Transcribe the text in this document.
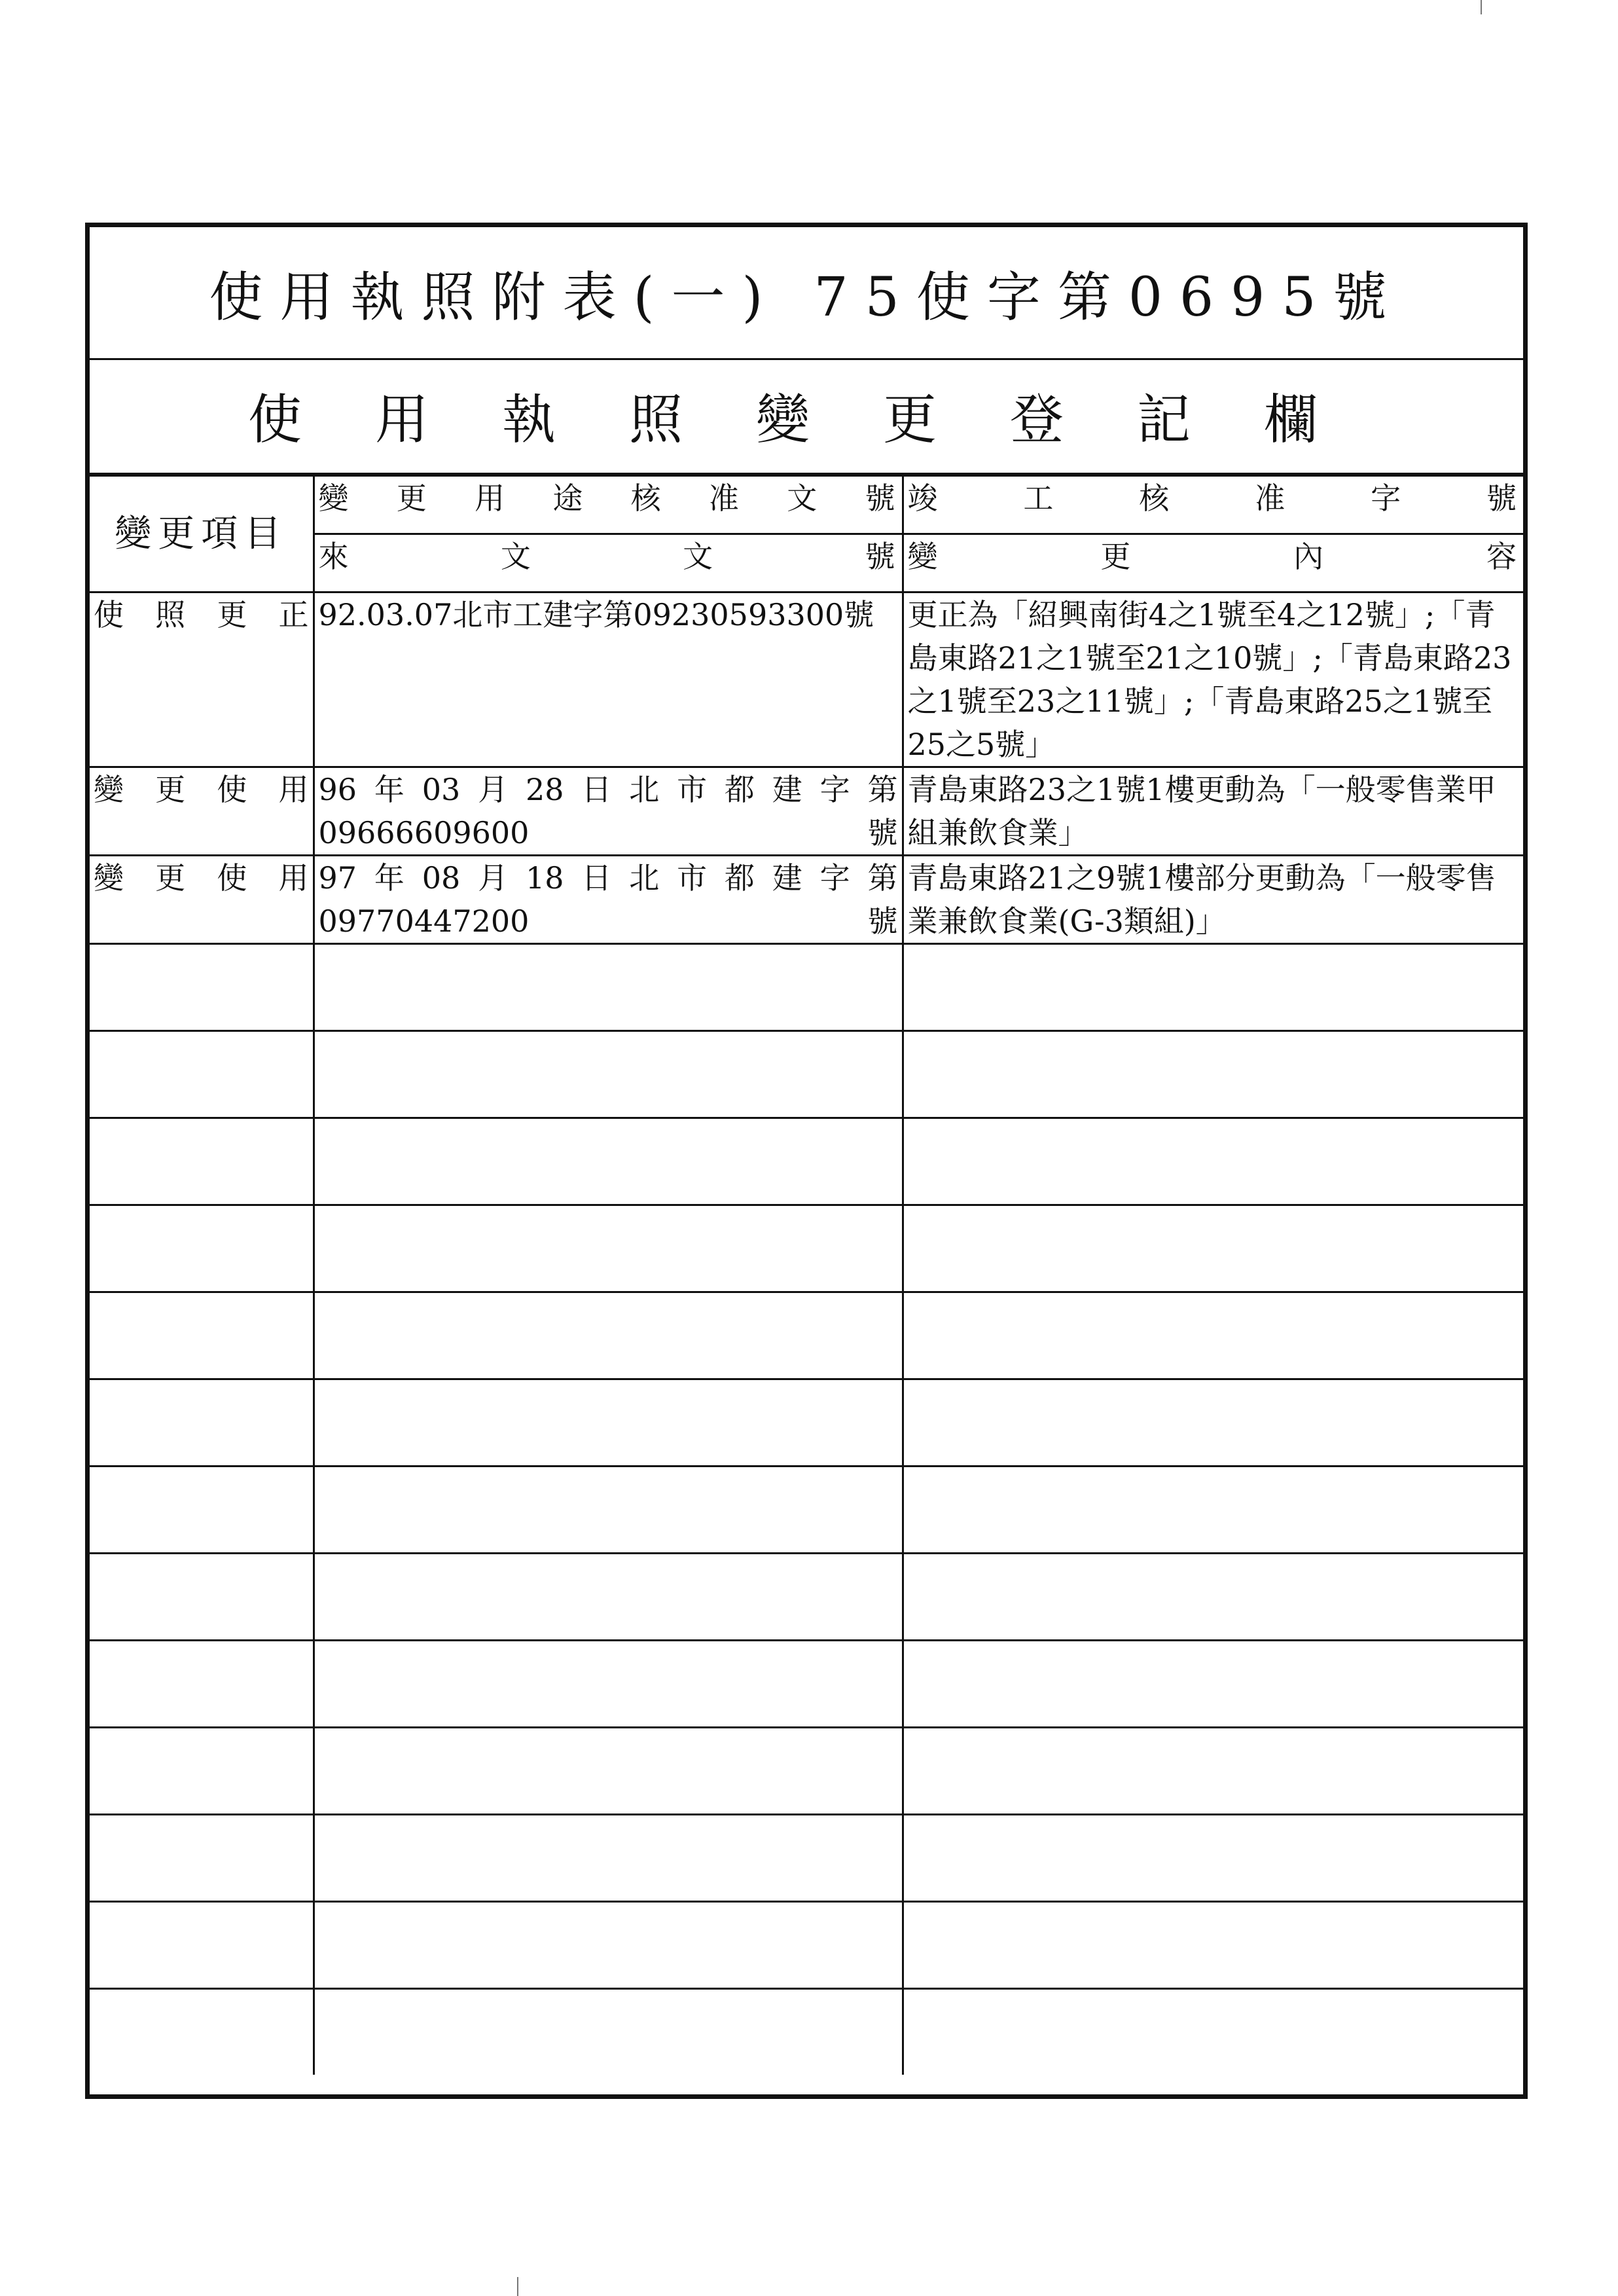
使用執照附表(一) 75使字第0695號
使用執照變更登記欄
變更項目	變更用途核准文號	竣工核准字號
	來文文號	變更內容
使照更正	92.03.07北市工建字第09230593300號	更正為「紹興南街4之1號至4之12號」;「青島東路21之1號至21之10號」;「青島東路23之1號至23之11號」;「青島東路25之1號至25之5號」
變更使用	96年03月28日北市都建字第09666609600號	青島東路23之1號1樓更動為「一般零售業甲組兼飲食業」
變更使用	97年08月18日北市都建字第09770447200號	青島東路21之9號1樓部分更動為「一般零售業兼飲食業(G-3類組)」
